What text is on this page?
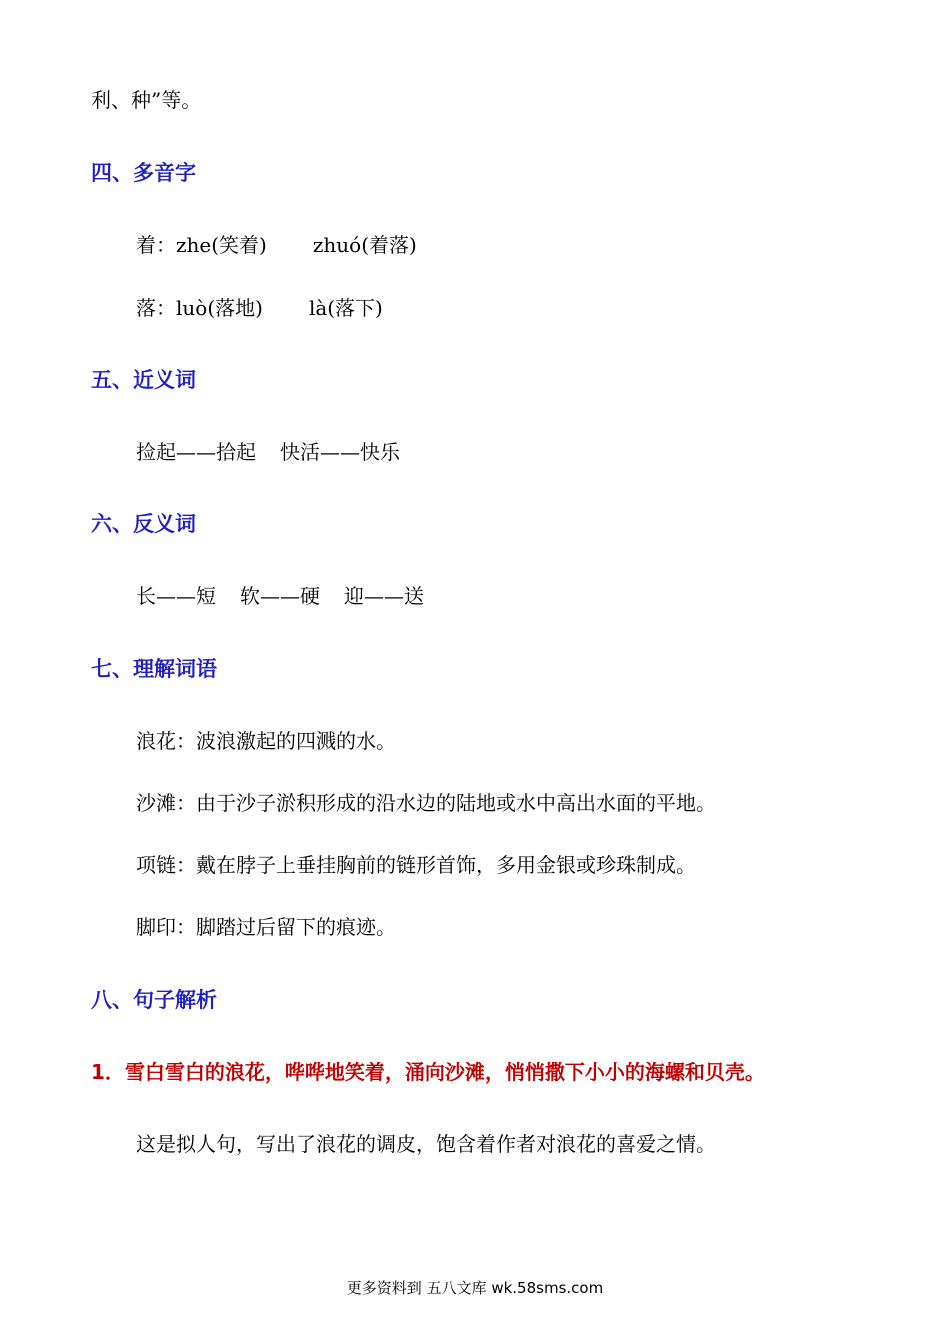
利、种”等。
四、多音字
着：zhe(笑着) zhuó(着落)
落：luò(落地) là(落下)
五、近义词
捡起——拾起 快活——快乐
六、反义词
长——短 软——硬 迎——送
七、理解词语
浪花：波浪激起的四溅的水。
沙滩：由于沙子淤积形成的沿水边的陆地或水中高出水面的平地。
项链：戴在脖子上垂挂胸前的链形首饰，多用金银或珍珠制成。
脚印：脚踏过后留下的痕迹。
八、句子解析
1．雪白雪白的浪花，哗哗地笑着，涌向沙滩，悄悄撒下小小的海螺和贝壳。
这是拟人句，写出了浪花的调皮，饱含着作者对浪花的喜爱之情。
更多资料到 五八文库 wk.58sms.com
